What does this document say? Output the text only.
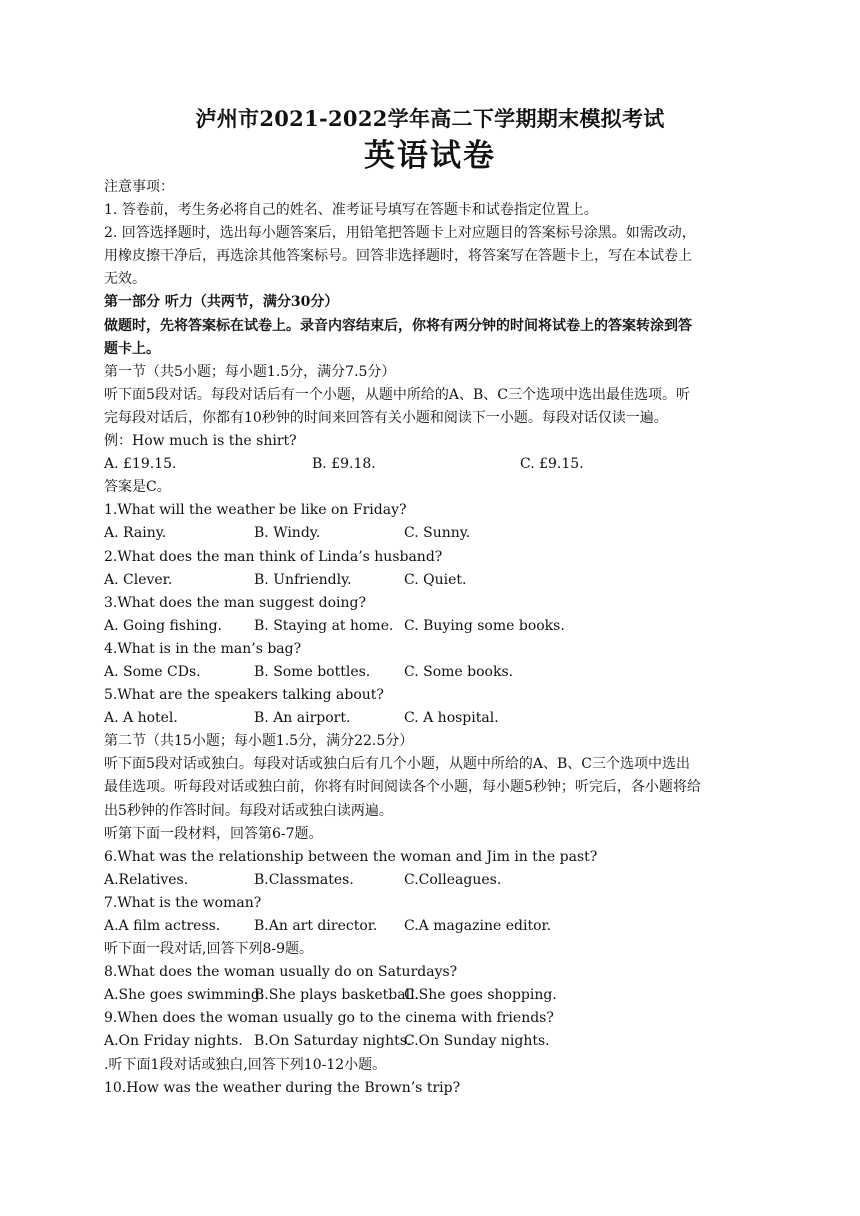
泸州市2021-2022学年高二下学期期末模拟考试
英语试卷
注意事项：
1. 答卷前，考生务必将自己的姓名、准考证号填写在答题卡和试卷指定位置上。
2. 回答选择题时，选出每小题答案后，用铅笔把答题卡上对应题目的答案标号涂黑。如需改动，
用橡皮擦干净后，再选涂其他答案标号。回答非选择题时，将答案写在答题卡上，写在本试卷上
无效。
第一部分 听力（共两节，满分30分）
做题时，先将答案标在试卷上。录音内容结束后，你将有两分钟的时间将试卷上的答案转涂到答
题卡上。
第一节（共5小题；每小题1.5分，满分7.5分）
听下面5段对话。每段对话后有一个小题，从题中所给的A、B、C三个选项中选出最佳选项。听
完每段对话后，你都有10秒钟的时间来回答有关小题和阅读下一小题。每段对话仅读一遍。
例：How much is the shirt?
A. £19.15.	B. £9.18.	C. £9.15.
答案是C。
1.What will the weather be like on Friday?
A. Rainy.	B. Windy.	C. Sunny.
2.What does the man think of Linda’s husband?
A. Clever.	B. Unfriendly.	C. Quiet.
3.What does the man suggest doing?
A. Going fishing. B. Staying at home. C. Buying some books.
4.What is in the man’s bag?
A. Some CDs.	B. Some bottles. C. Some books.
5.What are the speakers talking about?
A. A hotel.	B. An airport.	C. A hospital.
第二节（共15小题；每小题1.5分，满分22.5分）
听下面5段对话或独白。每段对话或独白后有几个小题，从题中所给的A、B、C三个选项中选出
最佳选项。听每段对话或独白前，你将有时间阅读各个小题，每小题5秒钟；听完后，各小题将给
出5秒钟的作答时间。每段对话或独白读两遍。
听第下面一段材料，回答第6-7题。
6.What was the relationship between the woman and Jim in the past?
A.Relatives.	B.Classmates.	C.Colleagues.
7.What is the woman?
A.A film actress. B.An art director. C.A magazine editor.
听下面一段对话,回答下列8-9题。
8.What does the woman usually do on Saturdays?
A.She goes swimming.
B.She plays basketball.
C.She goes shopping.
9.When does the woman usually go to the cinema with friends?
A.On Friday nights. B.On Saturday nights.
C.On Sunday nights.
.听下面1段对话或独白,回答下列10-12小题。
10.How was the weather during the Brown’s trip?
